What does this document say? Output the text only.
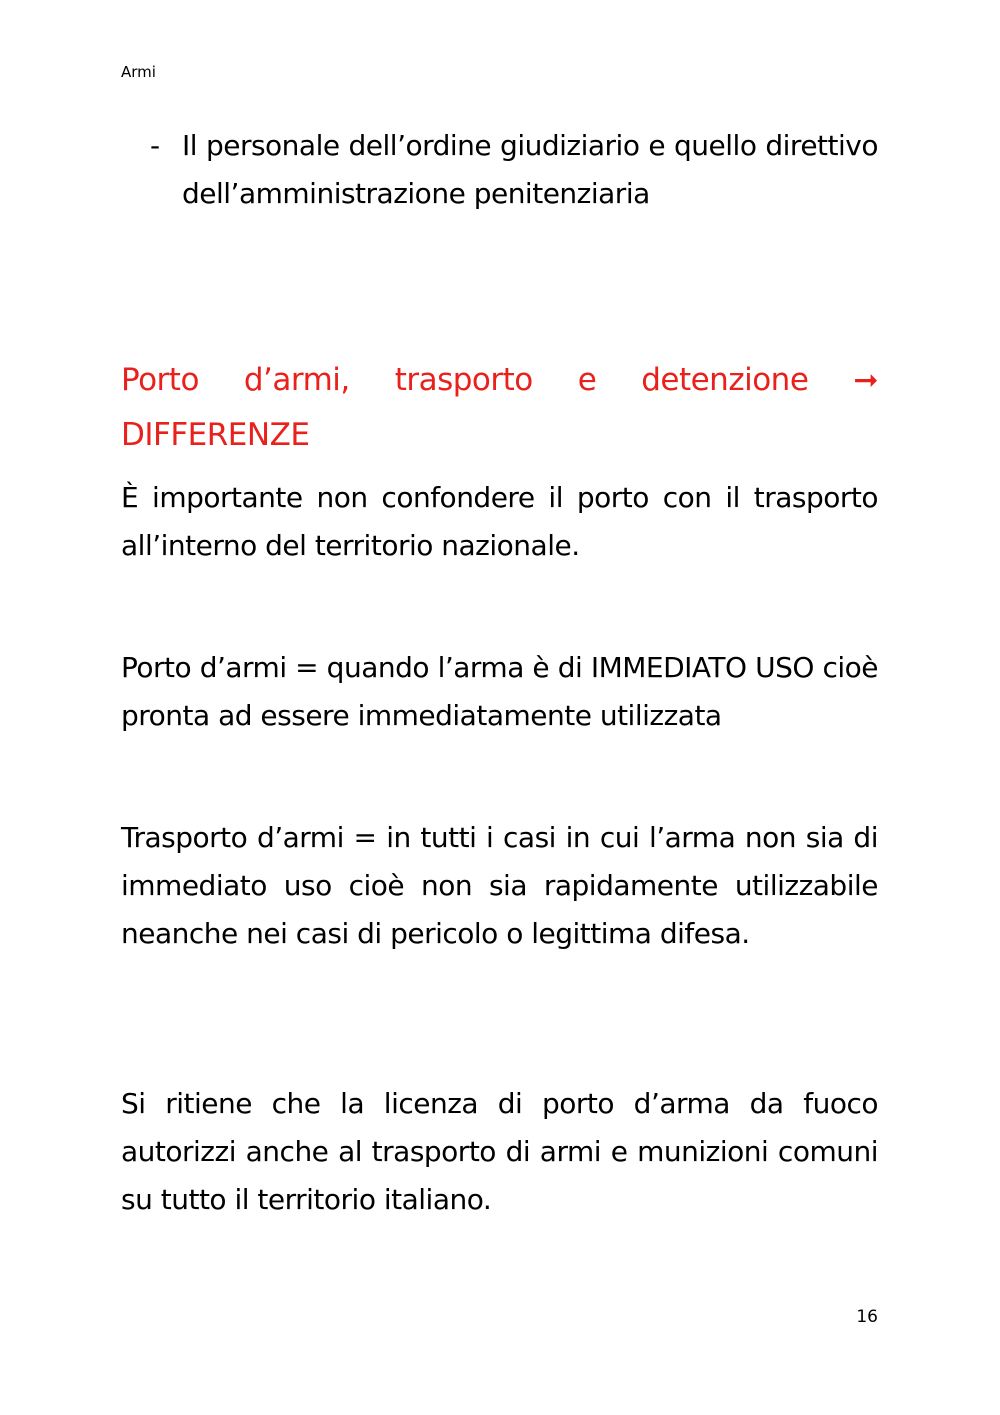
Armi
- Il personale dell’ordine giudiziario e quello direttivo dell’amministrazione penitenziaria
Porto d’armi, trasporto e detenzione ➞ DIFFERENZE
È importante non confondere il porto con il trasporto all’interno del territorio nazionale.
Porto d’armi = quando l’arma è di IMMEDIATO USO cioè pronta ad essere immediatamente utilizzata
Trasporto d’armi = in tutti i casi in cui l’arma non sia di immediato uso cioè non sia rapidamente utilizzabile neanche nei casi di pericolo o legittima difesa.
Si ritiene che la licenza di porto d’arma da fuoco autorizzi anche al trasporto di armi e munizioni comuni su tutto il territorio italiano.
16
